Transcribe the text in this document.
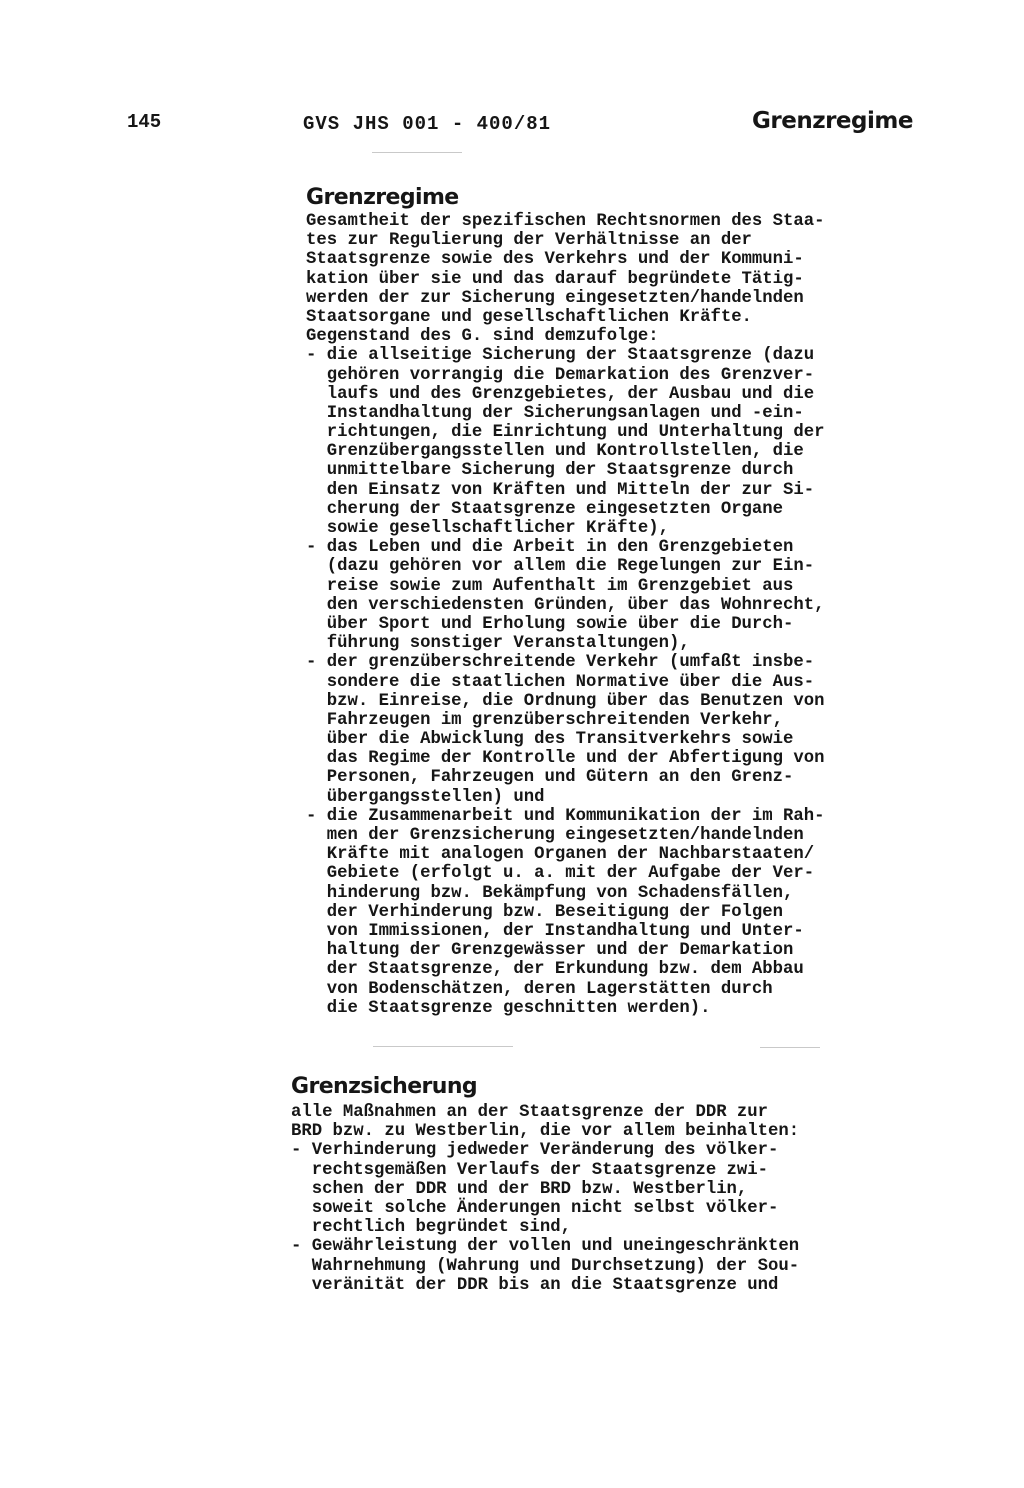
145	GVS JHS 001 - 400/81	Grenzregime
Grenzregime
Gesamtheit der spezifischen Rechtsnormen des Staa-
tes zur Regulierung der Verhältnisse an der
Staatsgrenze sowie des Verkehrs und der Kommuni-
kation über sie und das darauf begründete Tätig-
werden der zur Sicherung eingesetzten/handelnden
Staatsorgane und gesellschaftlichen Kräfte.
Gegenstand des G. sind demzufolge:
- die allseitige Sicherung der Staatsgrenze (dazu
gehören vorrangig die Demarkation des Grenzver-
laufs und des Grenzgebietes, der Ausbau und die
Instandhaltung der Sicherungsanlagen und -ein-
richtungen, die Einrichtung und Unterhaltung der
Grenzübergangsstellen und Kontrollstellen, die
unmittelbare Sicherung der Staatsgrenze durch
den Einsatz von Kräften und Mitteln der zur Si-
cherung der Staatsgrenze eingesetzten Organe
sowie gesellschaftlicher Kräfte),
- das Leben und die Arbeit in den Grenzgebieten
(dazu gehören vor allem die Regelungen zur Ein-
reise sowie zum Aufenthalt im Grenzgebiet aus
den verschiedensten Gründen, über das Wohnrecht,
über Sport und Erholung sowie über die Durch-
führung sonstiger Veranstaltungen),
- der grenzüberschreitende Verkehr (umfaßt insbe-
sondere die staatlichen Normative über die Aus-
bzw. Einreise, die Ordnung über das Benutzen von
Fahrzeugen im grenzüberschreitenden Verkehr,
über die Abwicklung des Transitverkehrs sowie
das Regime der Kontrolle und der Abfertigung von
Personen, Fahrzeugen und Gütern an den Grenz-
übergangsstellen) und
- die Zusammenarbeit und Kommunikation der im Rah-
men der Grenzsicherung eingesetzten/handelnden
Kräfte mit analogen Organen der Nachbarstaaten/
Gebiete (erfolgt u. a. mit der Aufgabe der Ver-
hinderung bzw. Bekämpfung von Schadensfällen,
der Verhinderung bzw. Beseitigung der Folgen
von Immissionen, der Instandhaltung und Unter-
haltung der Grenzgewässer und der Demarkation
der Staatsgrenze, der Erkundung bzw. dem Abbau
von Bodenschätzen, deren Lagerstätten durch
die Staatsgrenze geschnitten werden).
Grenzsicherung
alle Maßnahmen an der Staatsgrenze der DDR zur
BRD bzw. zu Westberlin, die vor allem beinhalten:
- Verhinderung jedweder Veränderung des völker-
rechtsgemäßen Verlaufs der Staatsgrenze zwi-
schen der DDR und der BRD bzw. Westberlin,
soweit solche Änderungen nicht selbst völker-
rechtlich begründet sind,
- Gewährleistung der vollen und uneingeschränkten
Wahrnehmung (Wahrung und Durchsetzung) der Sou-
veränität der DDR bis an die Staatsgrenze und
